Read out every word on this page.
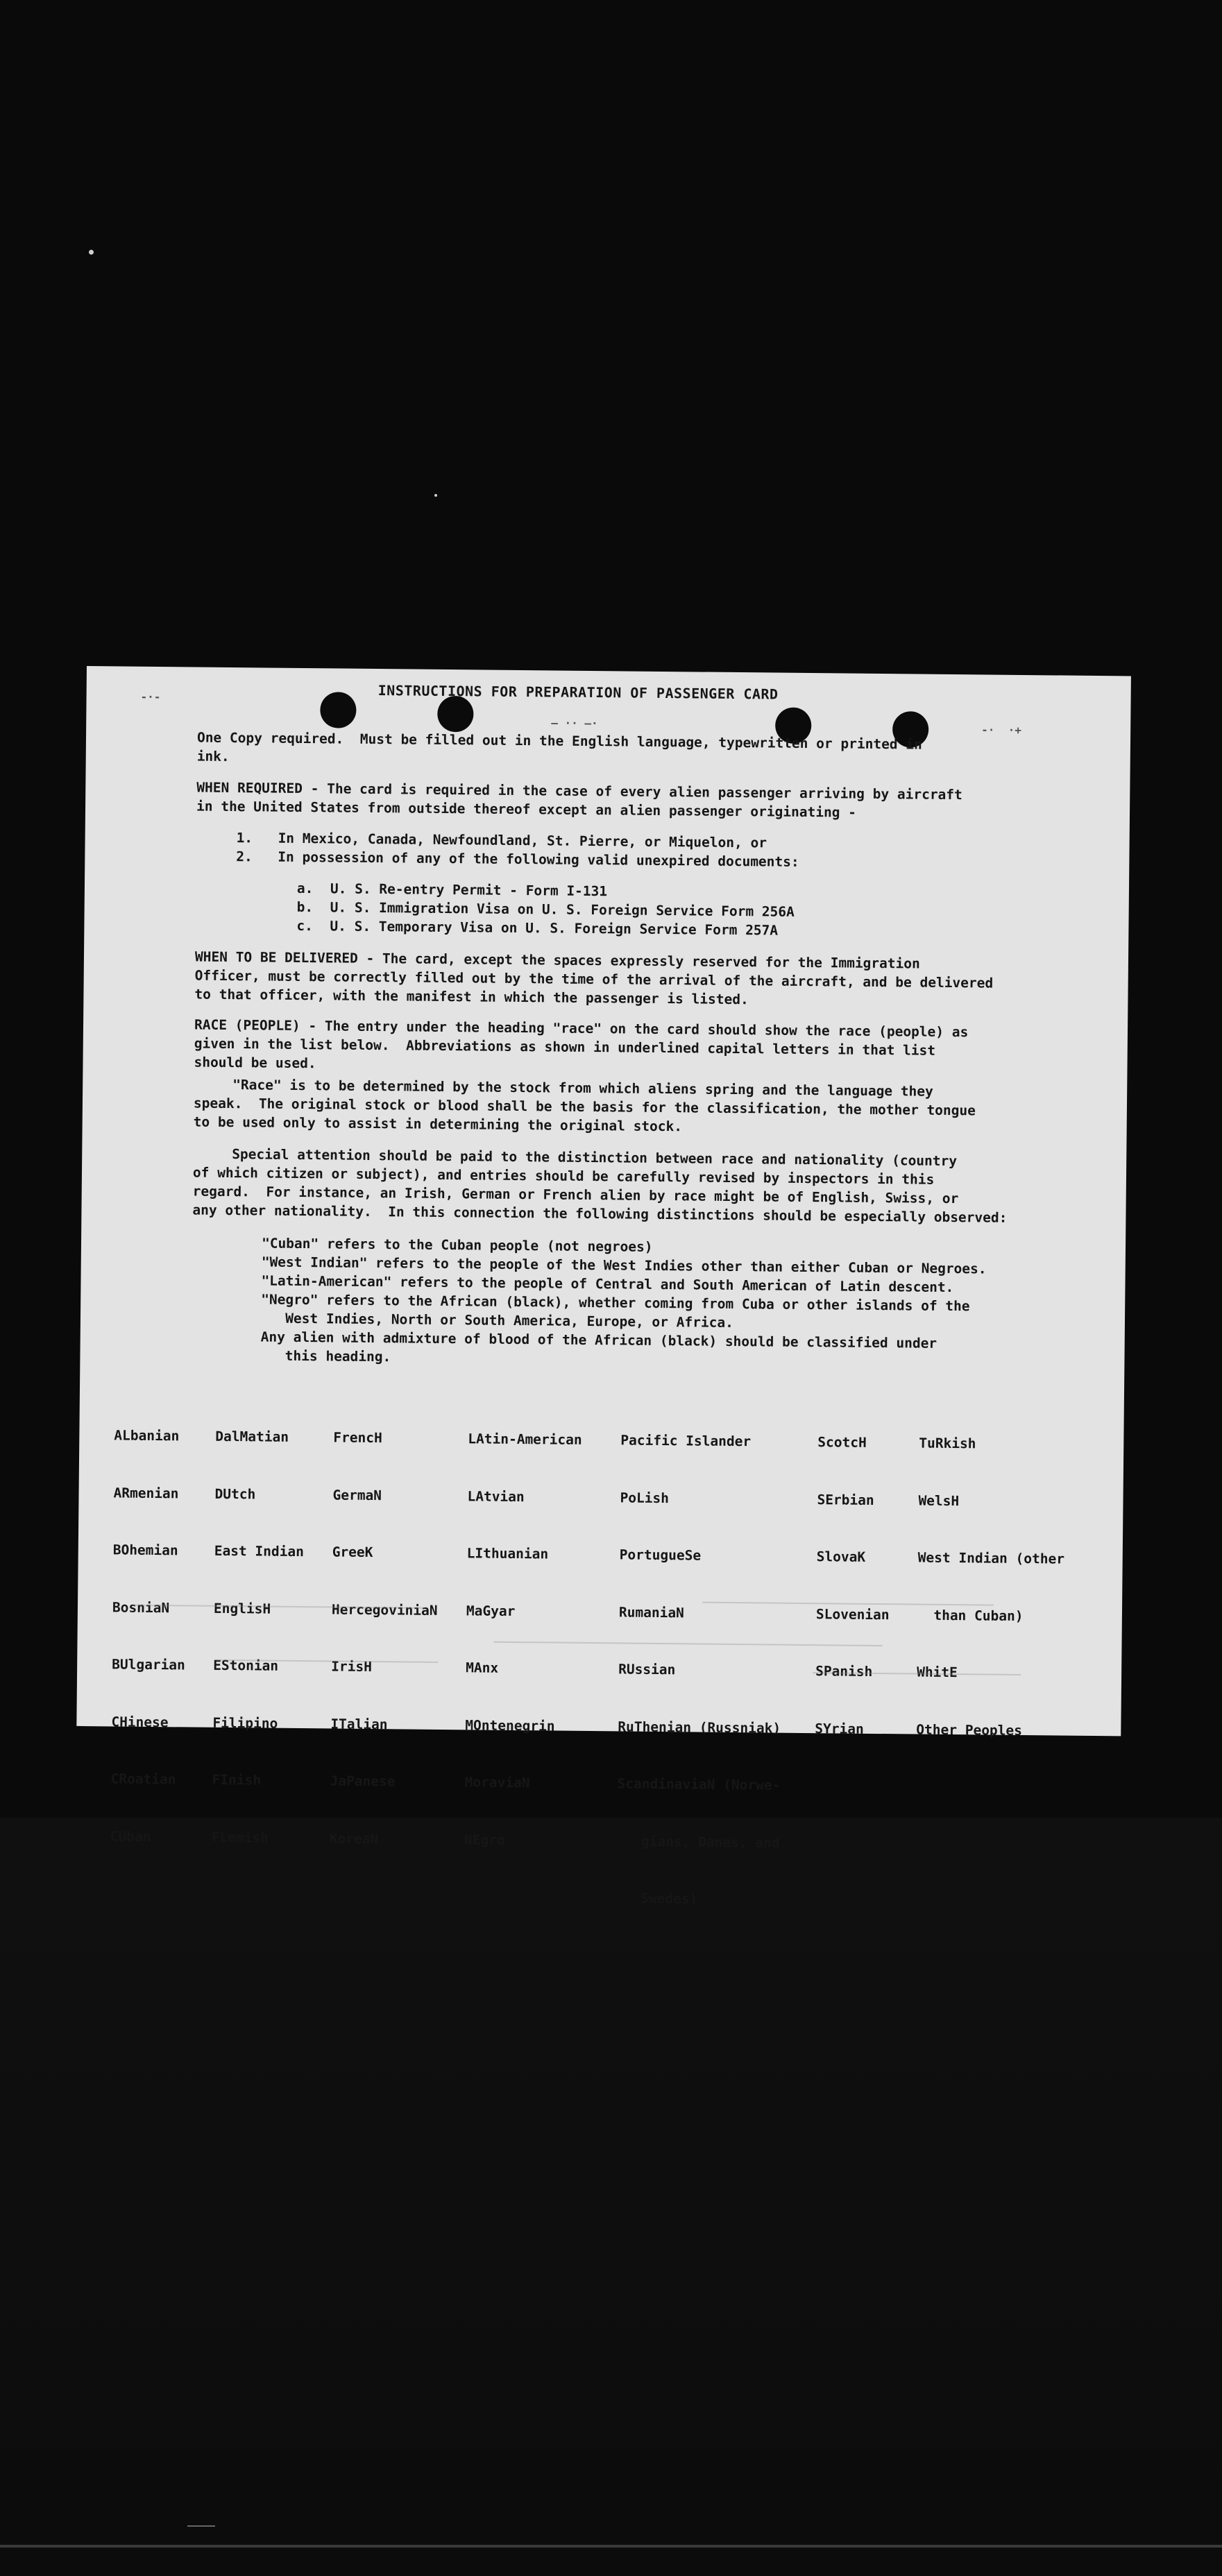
-·-

– ·· –·

-·  ·+

INSTRUCTIONS FOR PREPARATION OF PASSENGER CARD

One Copy required.  Must be filled out in the English language, typewritten or printed in

ink.

WHEN REQUIRED - The card is required in the case of every alien passenger arriving by aircraft

in the United States from outside thereof except an alien passenger originating -

1.

In Mexico, Canada, Newfoundland, St. Pierre, or Miquelon, or

2.

In possession of any of the following valid unexpired documents:

a.

U. S. Re-entry Permit - Form I-131

b.

U. S. Immigration Visa on U. S. Foreign Service Form 256A

c.

U. S. Temporary Visa on U. S. Foreign Service Form 257A

WHEN TO BE DELIVERED - The card, except the spaces expressly reserved for the Immigration

Officer, must be correctly filled out by the time of the arrival of the aircraft, and be delivered

to that officer, with the manifest in which the passenger is listed.

RACE (PEOPLE) - The entry under the heading "race" on the card should show the race (people) as

given in the list below.  Abbreviations as shown in underlined capital letters in that list

should be used.

"Race" is to be determined by the stock from which aliens spring and the language they

speak.  The original stock or blood shall be the basis for the classification, the mother tongue

to be used only to assist in determining the original stock.

Special attention should be paid to the distinction between race and nationality (country

of which citizen or subject), and entries should be carefully revised by inspectors in this

regard.  For instance, an Irish, German or French alien by race might be of English, Swiss, or

any other nationality.  In this connection the following distinctions should be especially observed:

"Cuban" refers to the Cuban people (not negroes)

"West Indian" refers to the people of the West Indies other than either Cuban or Negroes.

"Latin-American" refers to the people of Central and South American of Latin descent.

"Negro" refers to the African (black), whether coming from Cuba or other islands of the

West Indies, North or South America, Europe, or Africa.

Any alien with admixture of blood of the African (black) should be classified under

this heading.

ALbanian

ARmenian

BOhemian

BosniaN

BUlgarian

CHinese

CRoatian

CUban

DalMatian

DUtch

East Indian

EnglisH

EStonian

Filipino

FInish

FLemish

FrencH

GermaN

GreeK

HercegoviniaN

IrisH

ITalian

JaPanese

KoreaN

LAtin-American

LAtvian

LIthuanian

MaGyar

MAnx

MOntenegrin

MoraviaN

NEgro

Pacific Islander

PoLish

PortugueSe

RumaniaN

RUssian

RuThenian (Russniak)

ScandinaviaN (Norwe-

gians, Danes, and

Swedes)

ScotcH

SErbian

SlovaK

SLovenian

SPanish

SYrian

TuRkish

WelsH

West Indian (other

than Cuban)

WhitE

Other Peoples
